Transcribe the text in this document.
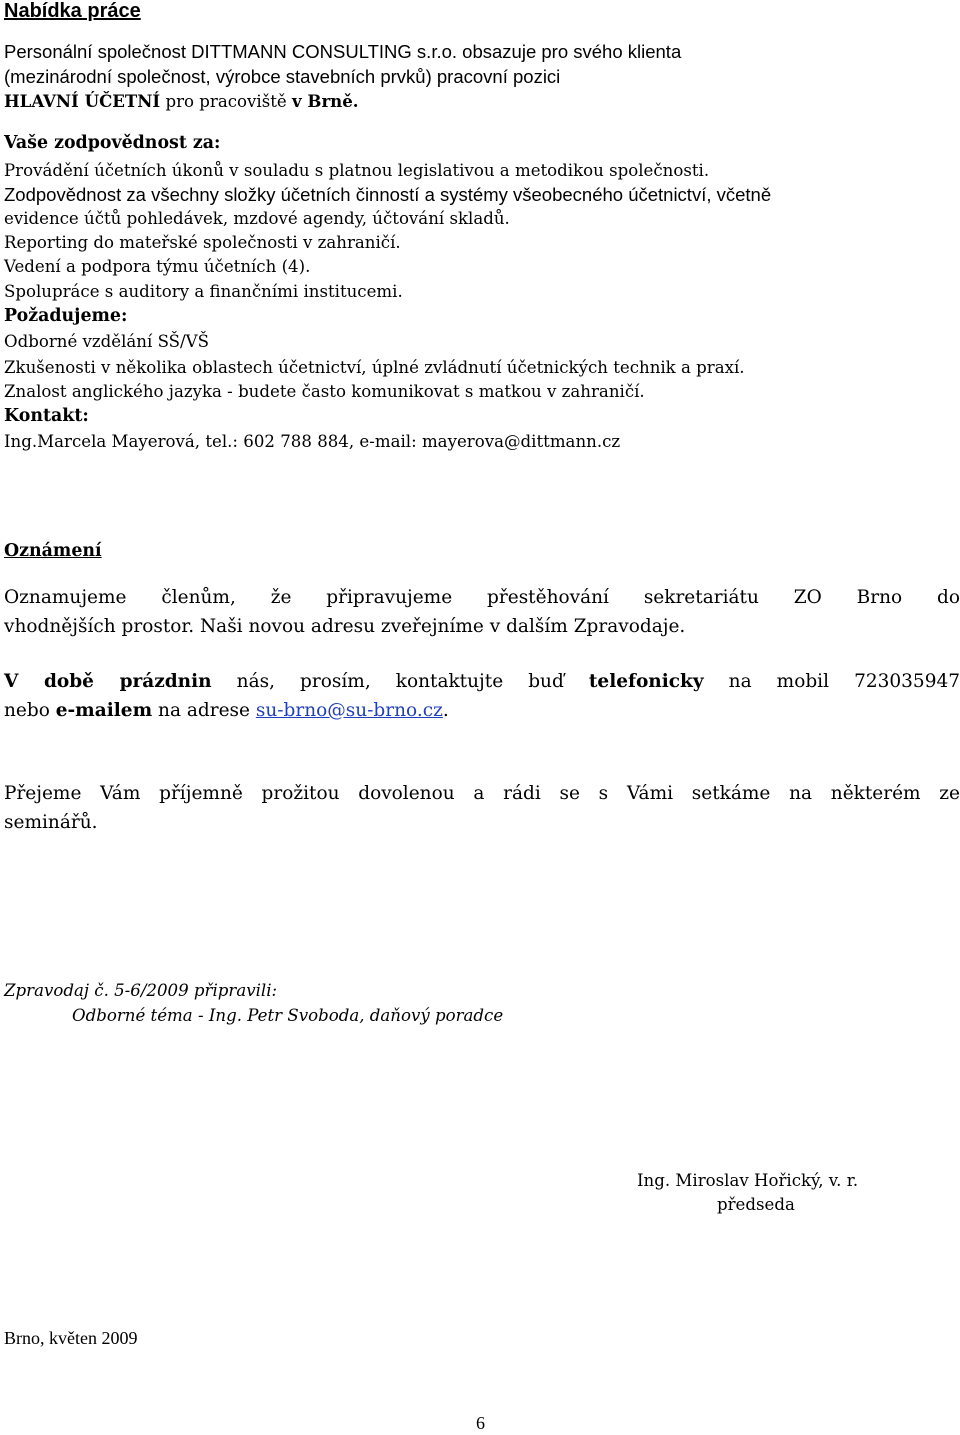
Nabídka práce
Personální společnost DITTMANN CONSULTING s.r.o. obsazuje pro svého klienta
(mezinárodní společnost, výrobce stavebních prvků) pracovní pozici
HLAVNÍ ÚČETNÍ pro pracoviště v Brně.
Vaše zodpovědnost za:
Provádění účetních úkonů v souladu s platnou legislativou a metodikou společnosti.
Zodpovědnost za všechny složky účetních činností a systémy všeobecného účetnictví, včetně
evidence účtů pohledávek, mzdové agendy, účtování skladů.
Reporting do mateřské společnosti v zahraničí.
Vedení a podpora týmu účetních (4).
Spolupráce s auditory a finančními institucemi.
Požadujeme:
Odborné vzdělání SŠ/VŠ
Zkušenosti v několika oblastech účetnictví, úplné zvládnutí účetnických technik a praxí.
Znalost anglického jazyka - budete často komunikovat s matkou v zahraničí.
Kontakt:
Ing.Marcela Mayerová, tel.: 602 788 884, e-mail: mayerova@dittmann.cz
Oznámení
Oznamujeme členům, že připravujeme přestěhování sekretariátu ZO Brno do
vhodnějších prostor. Naši novou adresu zveřejníme v dalším Zpravodaje.
V době prázdnin nás, prosím, kontaktujte buď telefonicky na mobil 723035947
nebo e-mailem na adrese su-brno@su-brno.cz.
Přejeme Vám příjemně prožitou dovolenou a rádi se s Vámi setkáme na některém ze
seminářů.
Zpravodaj č. 5-6/2009 připravili:
Odborné téma - Ing. Petr Svoboda, daňový poradce
Ing. Miroslav Hořický, v. r.
předseda
Brno, květen 2009
6
